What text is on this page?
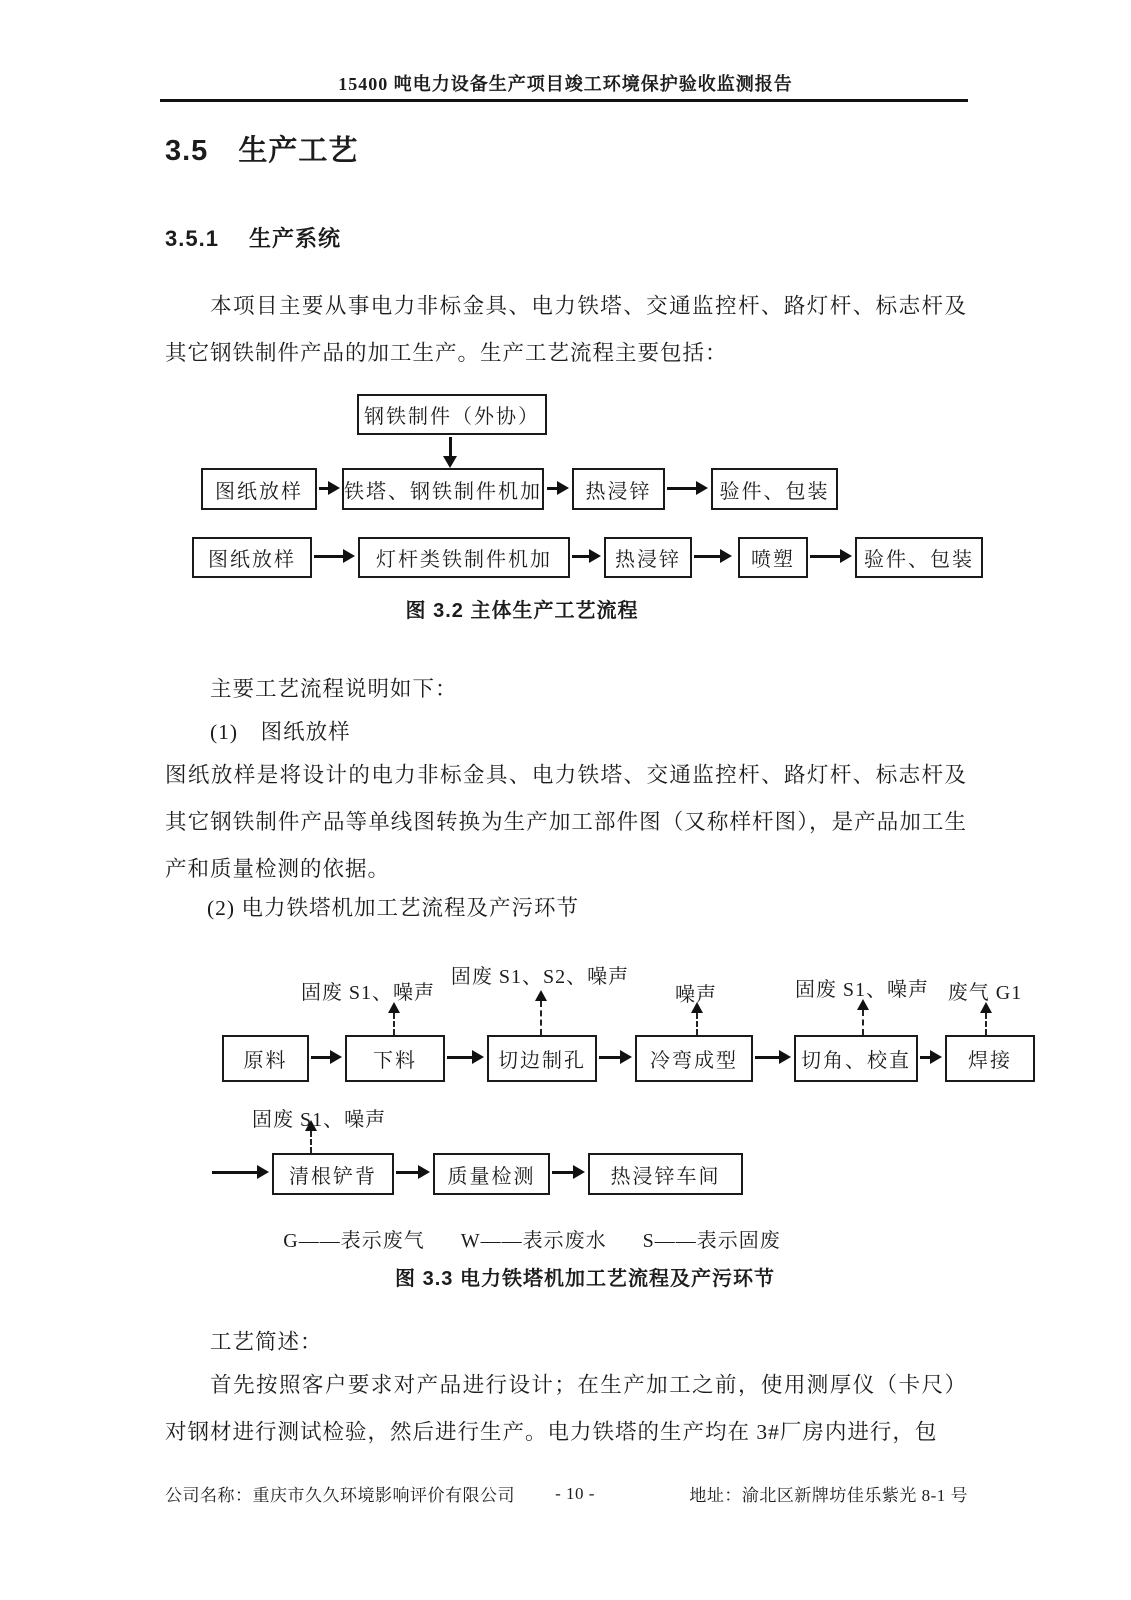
15400 吨电力设备生产项目竣工环境保护验收监测报告
3.5　生产工艺
3.5.1　 生产系统
本项目主要从事电力非标金具、电力铁塔、交通监控杆、路灯杆、标志杆及其它钢铁制件产品的加工生产。生产工艺流程主要包括：
钢铁制件（外协）
图纸放样	铁塔、钢铁制件机加	热浸锌	验件、包装
图纸放样	灯杆类铁制件机加	热浸锌	喷塑	验件、包装
图 3.2 主体生产工艺流程
主要工艺流程说明如下：
(1)　图纸放样
图纸放样是将设计的电力非标金具、电力铁塔、交通监控杆、路灯杆、标志杆及其它钢铁制件产品等单线图转换为生产加工部件图（又称样杆图），是产品加工生产和质量检测的依据。
(2) 电力铁塔机加工艺流程及产污环节
固废 S1、噪声
固废 S1、S2、噪声
噪声	固废 S1、噪声 废气 G1
原料	下料	切边制孔	冷弯成型	切角、校直	焊接
固废 S1、噪声
清根铲背	质量检测	热浸锌车间
G——表示废气 W——表示废水 S——表示固废
图 3.3 电力铁塔机加工艺流程及产污环节
工艺简述：
首先按照客户要求对产品进行设计；在生产加工之前，使用测厚仪（卡尺）对钢材进行测试检验，然后进行生产。电力铁塔的生产均在 3#厂房内进行，包
公司名称：重庆市久久环境影响评价有限公司	- 10 -	地址：渝北区新牌坊佳乐紫光 8-1 号
